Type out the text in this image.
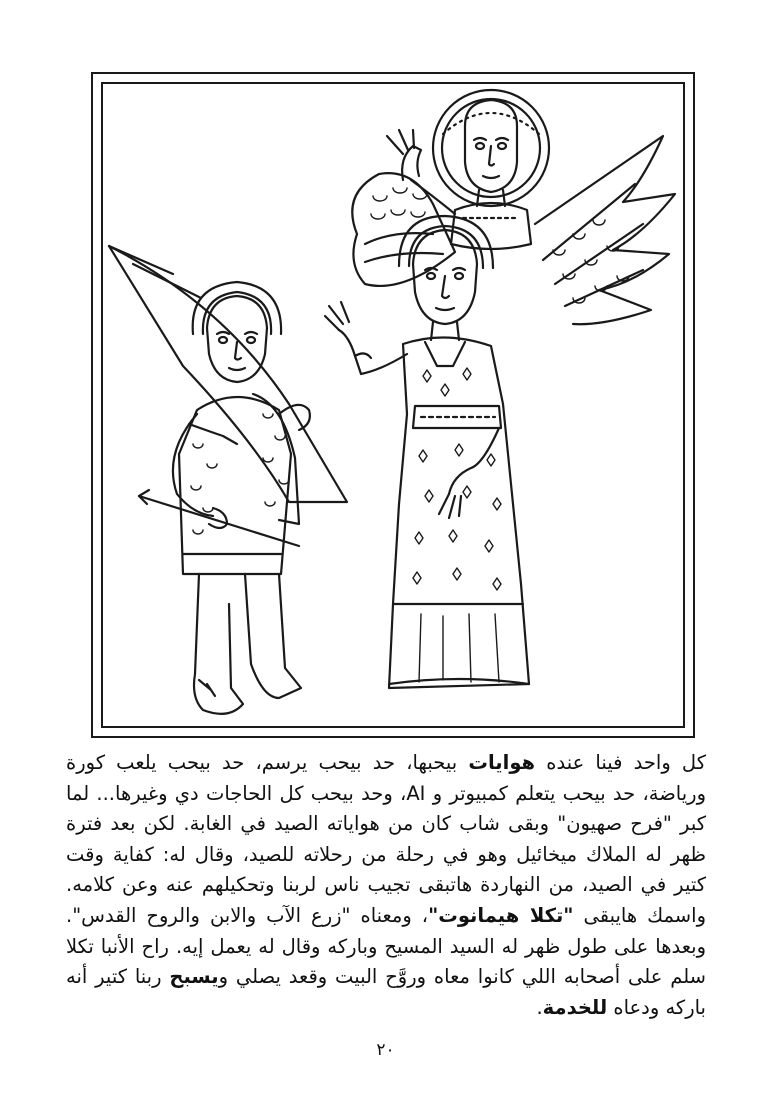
كل واحد فينا عنده هوايات بيحبها، حد بيحب يرسم، حد بيحب يلعب كورة ورياضة، حد بيحب يتعلم كمبيوتر و AI، وحد بيحب كل الحاجات دي وغيرها... لما كبر "فرح صهيون" وبقى شاب كان من هواياته الصيد في الغابة. لكن بعد فترة ظهر له الملاك ميخائيل وهو في رحلة من رحلاته للصيد، وقال له: كفاية وقت كتير في الصيد، من النهاردة هاتبقى تجيب ناس لربنا وتحكيلهم عنه وعن كلامه. واسمك هايبقى "تكلا هيمانوت"، ومعناه "زرع الآب والابن والروح القدس". وبعدها على طول ظهر له السيد المسيح وباركه وقال له يعمل إيه. راح الأنبا تكلا سلم على أصحابه اللي كانوا معاه وروَّح البيت وقعد يصلي ويسبح ربنا كتير أنه باركه ودعاه للخدمة.

٢٠
